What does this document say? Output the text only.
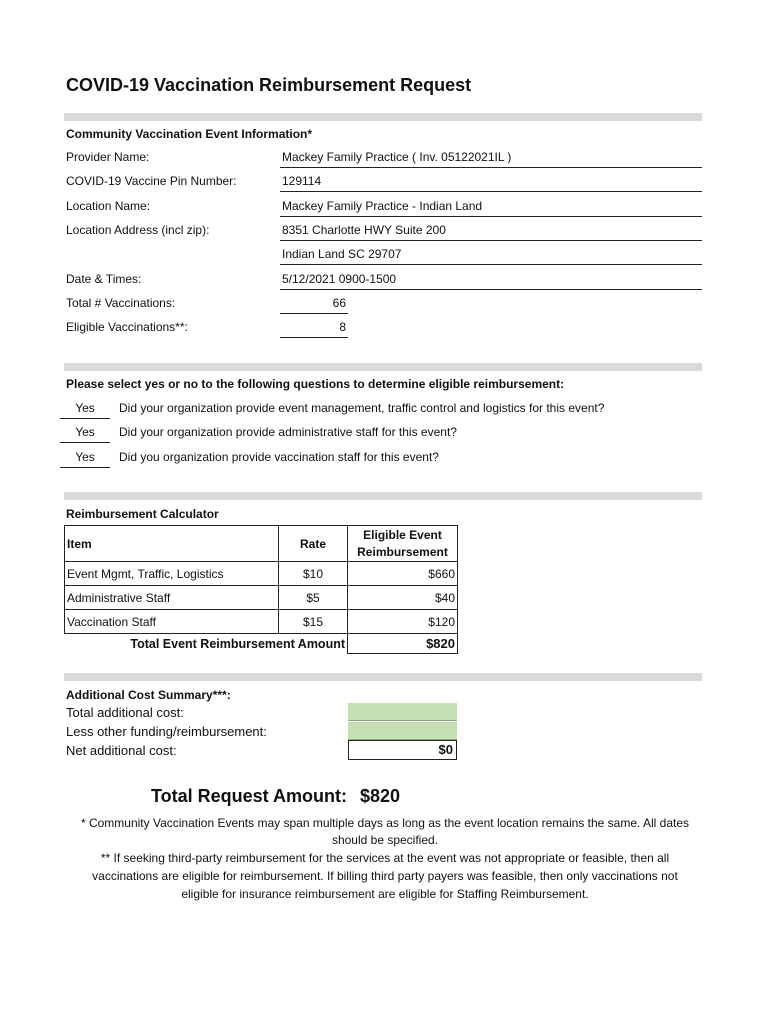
COVID-19 Vaccination Reimbursement Request
Community Vaccination Event Information*
Provider Name:	Mackey Family Practice ( Inv. 05122021IL )
COVID-19 Vaccine Pin Number:	129114
Location Name:	Mackey Family Practice - Indian Land
Location Address (incl zip):	8351 Charlotte HWY Suite 200
Indian Land SC 29707
Date & Times:	5/12/2021 0900-1500
Total # Vaccinations:	66
Eligible Vaccinations**:	8
Please select yes or no to the following questions to determine eligible reimbursement:
Yes	Did your organization provide event management, traffic control and logistics for this event?
Yes	Did your organization provide administrative staff for this event?
Yes	Did you organization provide vaccination staff for this event?
Reimbursement Calculator
Item	Rate	Eligible Event
Reimbursement
Event Mgmt, Traffic, Logistics	$10	$660
Administrative Staff	$5	$40
Vaccination Staff	$15	$120
Total Event Reimbursement Amount		$820
Additional Cost Summary***:
Total additional cost:
Less other funding/reimbursement:
Net additional cost:	$0
Total Request Amount: $820
* Community Vaccination Events may span multiple days as long as the event location remains the same. All dates
should be specified.
** If seeking third-party reimbursement for the services at the event was not appropriate or feasible, then all
vaccinations are eligible for reimbursement. If billing third party payers was feasible, then only vaccinations not
eligible for insurance reimbursement are eligible for Staffing Reimbursement.
